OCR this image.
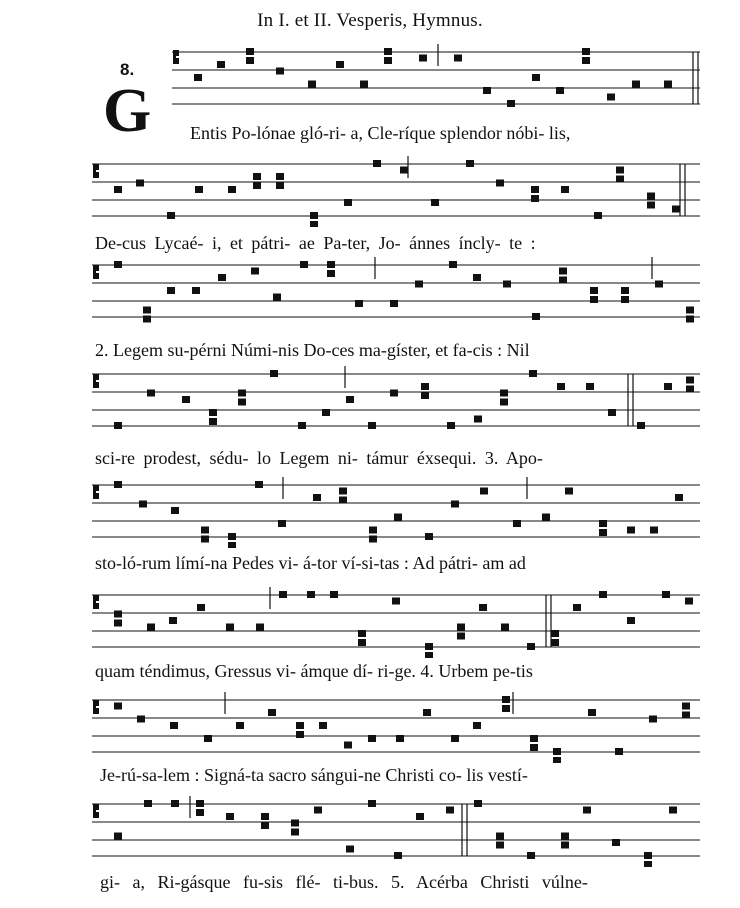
In I. et II. Vesperis, Hymnus.
8.
G Entis Po-lónae gló-ri- a, Cle-ríque splendor nóbi- lis,
De-cus Lycaé- i, et pátri- ae Pa-ter, Jo- ánnes íncly- te :
2. Legem su-pérni Númi-nis Do-ces ma-gíster, et fa-cis : Nil
sci-re prodest, sédu- lo Legem ni- támur éxsequi. 3. Apo-
sto-ló-rum límí-na Pedes vi- á-tor ví-si-tas : Ad pátri- am ad
quam téndimus, Gressus vi- ámque dí- ri-ge. 4. Urbem pe-tis
Je-rú-sa-lem : Signá-ta sacro sángui-ne Christi co- lis vestí-
gi- a, Ri-gásque fu-sis flé- ti-bus. 5. Acérba Christi vúlne-
